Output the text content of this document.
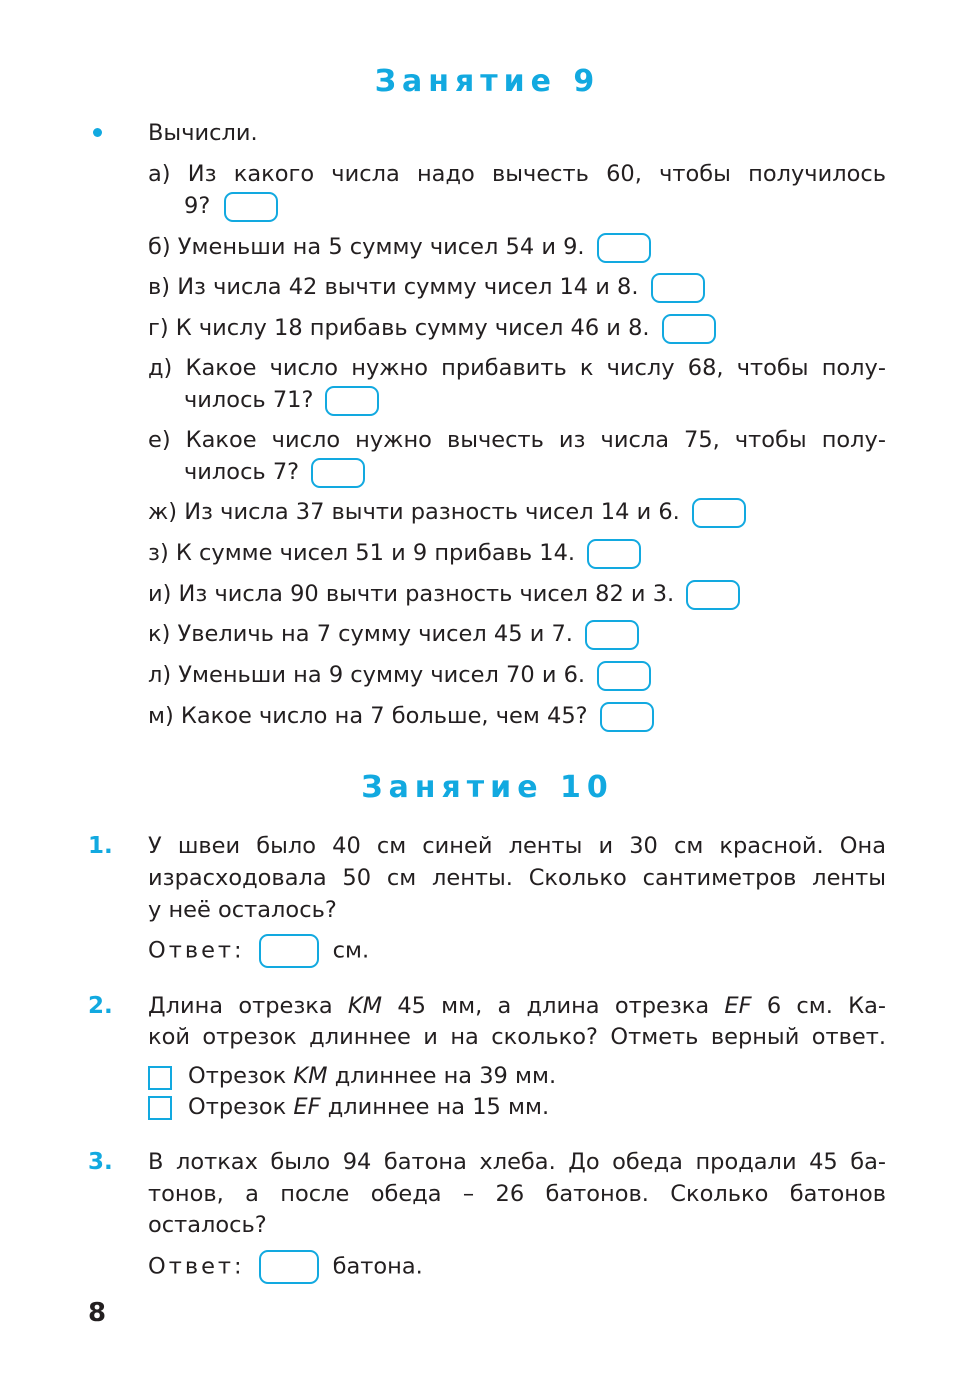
Занятие 9
Вычисли.
а) Из какого числа надо вычесть 60, чтобы получилось
9?
б) Уменьши на 5 сумму чисел 54 и 9.
в) Из числа 42 вычти сумму чисел 14 и 8.
г) К числу 18 прибавь сумму чисел 46 и 8.
д) Какое число нужно прибавить к числу 68, чтобы полу-
чилось 71?
е) Какое число нужно вычесть из числа 75, чтобы полу-
чилось 7?
ж) Из числа 37 вычти разность чисел 14 и 6.
з) К сумме чисел 51 и 9 прибавь 14.
и) Из числа 90 вычти разность чисел 82 и 3.
к) Увеличь на 7 сумму чисел 45 и 7.
л) Уменьши на 9 сумму чисел 70 и 6.
м) Какое число на 7 больше, чем 45?
Занятие 10
1. У швеи было 40 см синей ленты и 30 см красной. Она
израсходовала 50 см ленты. Сколько сантиметров ленты
у неё осталось?
Ответ:	см.
2. Длина отрезка KM 45 мм, а длина отрезка EF 6 см. Ка-
кой отрезок длиннее и на сколько? Отметь верный ответ.
Отрезок KM длиннее на 39 мм.
Отрезок EF длиннее на 15 мм.
3. В лотках было 94 батона хлеба. До обеда продали 45 ба-
тонов, а после обеда – 26 батонов. Сколько батонов
осталось?
Ответ:	батона.
8
